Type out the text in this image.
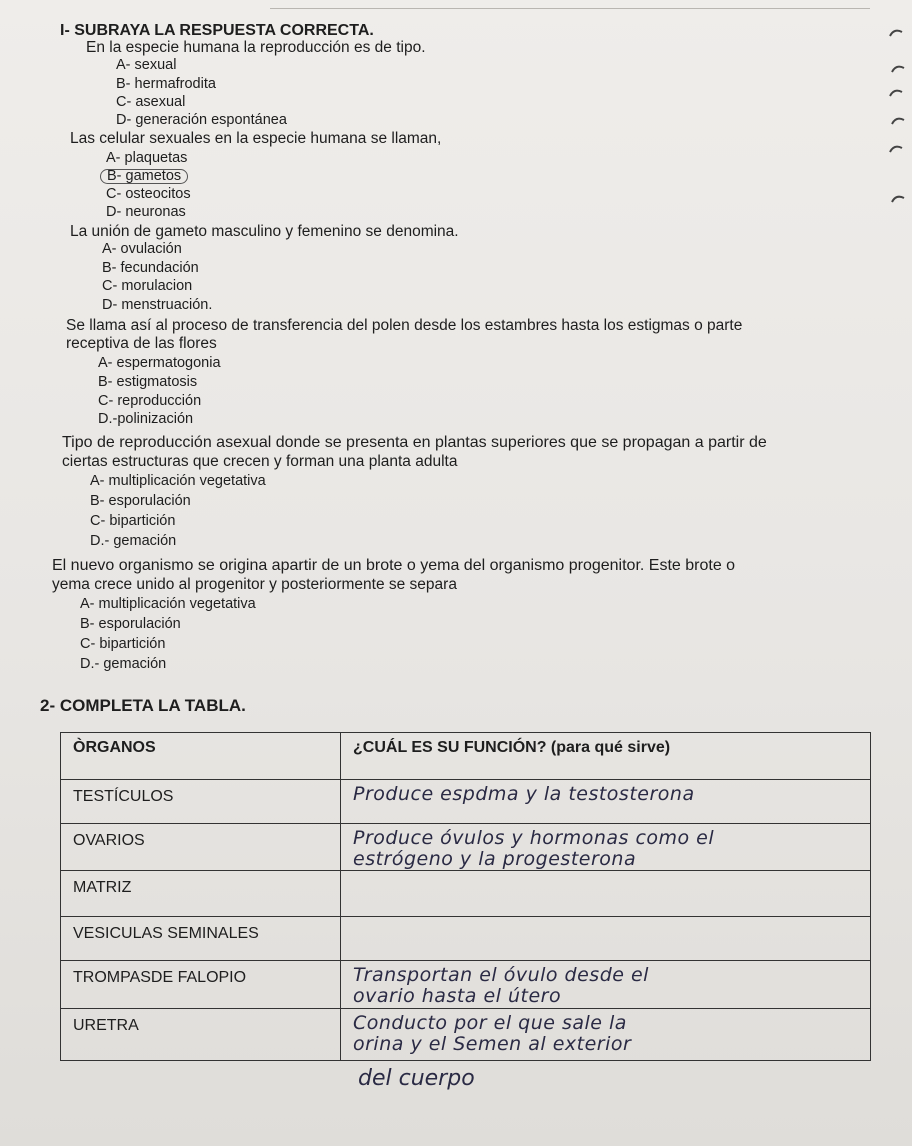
I- SUBRAYA LA RESPUESTA CORRECTA.
En la especie humana la reproducción es de tipo.
A- sexual
B- hermafrodita
C- asexual
D- generación espontánea
Las celular sexuales en la especie humana se llaman,
A- plaquetas
B- gametos
C- osteocitos
D- neuronas
La unión de gameto masculino y femenino se denomina.
A- ovulación
B- fecundación
C- morulacion
D- menstruación.
Se llama así al proceso de transferencia del polen desde los estambres hasta los estigmas o parte
receptiva de las flores
A- espermatogonia
B- estigmatosis
C- reproducción
D.-polinización
Tipo de reproducción asexual donde se presenta en plantas superiores que se propagan a partir de
ciertas estructuras que crecen y forman una planta adulta
A- multiplicación vegetativa
B- esporulación
C- bipartición
D.- gemación
El nuevo organismo se origina apartir de un brote o yema del organismo progenitor. Este brote o
yema crece unido al progenitor y posteriormente se separa
A- multiplicación vegetativa
B- esporulación
C- bipartición
D.- gemación
2- COMPLETA LA TABLA.
ÒRGANOS	¿CUÁL ES SU FUNCIÓN? (para qué sirve)
TESTÍCULOS	Produce espdma y la testosterona
OVARIOS	Produce óvulos y hormonas como el
estrógeno y la progesterona
MATRIZ	
VESICULAS SEMINALES	
TROMPASDE FALOPIO	Transportan el óvulo desde el
ovario hasta el útero
URETRA	Conducto por el que sale la
orina y el Semen al exterior
del cuerpo
